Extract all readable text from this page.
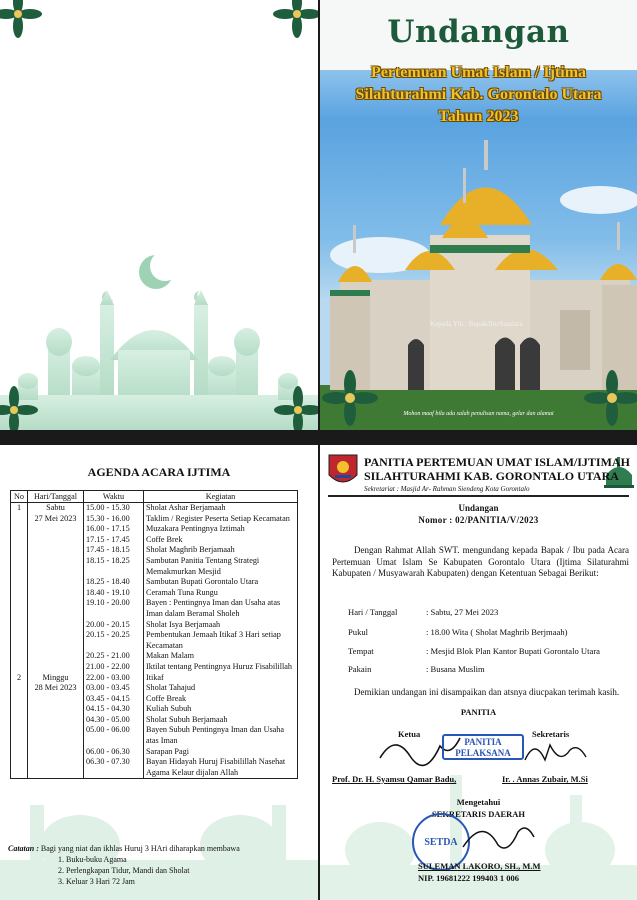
Undangan
Pertemuan Umat Islam / Ijtima
Silahturahmi Kab. Gorontalo Utara
Tahun 2023
Kepada Yth : Bapak/Ibu/Saudara
Mohon maaf bila ada salah penulisan nama, gelar dan alamat
AGENDA ACARA IJTIMA
No	Hari/Tanggal	Waktu	Kegiatan
1	Sabtu	15.00 - 15.30	Sholat Ashar Berjamaah
	27 Mei 2023	15.30 - 16.00	Taklim / Register Peserta Setiap Kecamatan
		16.00 - 17.15	Muzakara Pentingnya Iztimah
		17.15 - 17.45	Coffe Brek
		17.45 - 18.15	Sholat Maghrib Berjamaah
		18.15 - 18.25	Sambutan Panitia Tentang Strategi Memakmurkan Mesjid
		18.25 - 18.40	Sambutan Bupati Gorontalo Utara
		18.40 - 19.10	Ceramah Tuna Rungu
		19.10 - 20.00	Bayen : Pentingnya Iman dan Usaha atas Iman dalam Beramal Sholeh
		20.00 - 20.15	Sholat Isya Berjamaah
		20.15 - 20.25	Pembentukan Jemaah Itikaf 3 Hari setiap Kecamatan
		20.25 - 21.00	Makan Malam
		21.00 - 22.00	Iktilat tentang Pentingnya Huruz Fisabilillah
2	Minggu	22.00 - 03.00	Itikaf
	28 Mei 2023	03.00 - 03.45	Sholat Tahajud
		03.45 - 04.15	Coffe Break
		04.15 - 04.30	Kuliah Subuh
		04.30 - 05.00	Sholat Subuh Berjamaah
		05.00 - 06.00	Bayen Subuh Pentingnya Iman dan Usaha atas Iman
		06.00 - 06.30	Sarapan Pagi
		06.30 - 07.30	Bayan Hidayah Huruj Fisabilillah Nasehat Agama Kelaur dijalan Allah
Catatan : Bagi yang niat dan ikhlas Huruj 3 HAri diharapkan membawa
1. Buku-buku Agama
2. Perlengkapan Tidur, Mandi dan Sholat
3. Keluar 3 Hari 72 Jam
PANITIA PERTEMUAN UMAT ISLAM/IJTIMAH
SILAHTURAHMI KAB. GORONTALO UTARA
Sekretariat : Masjid Ar- Rahman Siendeng Kota Gorontalo
Undangan
Nomor : 02/PANITIA/V/2023
Dengan Rahmat Allah SWT. mengundang kepada Bapak / Ibu pada Acara Pertemuan Umat Islam Se Kabupaten Gorontalo Utara (Ijtima Silaturahmi Kabupaten / Musyawarah Kabupaten) dengan Ketentuan Sebagai Berikut:
Hari / Tanggal	: Sabtu, 27 Mei 2023
Pukul	: 18.00 Wita ( Sholat Maghrib Berjmaah)
Tempat	: Mesjid Blok Plan Kantor Bupati Gorontalo Utara
Pakain	: Busana Muslim
Demikian undangan ini disampaikan dan atsnya diucpakan terimah kasih.
PANITIA
Ketua	Sekretaris
PANITIA
PELAKSANA
Prof. Dr. H. Syamsu Qamar Badu,	Ir. . Annas Zubair, M.Si
Mengetahui
SEKRETARIS DAERAH
SETDA
SULEMAN LAKORO, SH., M.M
NIP. 19681222 199403 1 006
